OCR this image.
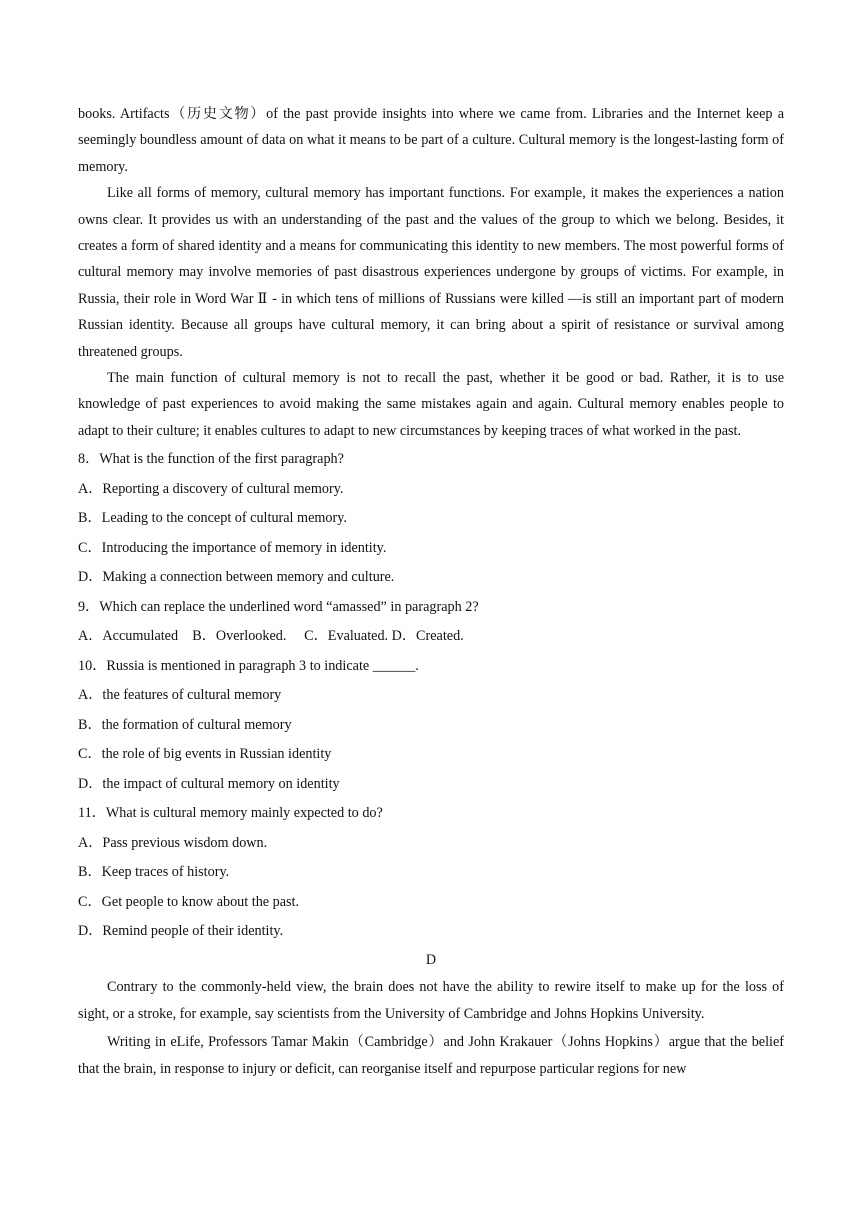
books. Artifacts（历史文物）of the past provide insights into where we came from. Libraries and the Internet keep a seemingly boundless amount of data on what it means to be part of a culture. Cultural memory is the longest-lasting form of memory.

Like all forms of memory, cultural memory has important functions. For example, it makes the experiences a nation owns clear. It provides us with an understanding of the past and the values of the group to which we belong. Besides, it creates a form of shared identity and a means for communicating this identity to new members. The most powerful forms of cultural memory may involve memories of past disastrous experiences undergone by groups of victims. For example, in Russia, their role in Word War Ⅱ - in which tens of millions of Russians were killed —is still an important part of modern Russian identity. Because all groups have cultural memory, it can bring about a spirit of resistance or survival among threatened groups.

The main function of cultural memory is not to recall the past, whether it be good or bad. Rather, it is to use knowledge of past experiences to avoid making the same mistakes again and again. Cultural memory enables people to adapt to their culture; it enables cultures to adapt to new circumstances by keeping traces of what worked in the past.

8．What is the function of the first paragraph?
A．Reporting a discovery of cultural memory.
B．Leading to the concept of cultural memory.
C．Introducing the importance of memory in identity.
D．Making a connection between memory and culture.
9．Which can replace the underlined word “amassed” in paragraph 2?
A．Accumulated    B．Overlooked.     C．Evaluated. D．Created.
10．Russia is mentioned in paragraph 3 to indicate ______.
A．the features of cultural memory
B．the formation of cultural memory
C．the role of big events in Russian identity
D．the impact of cultural memory on identity
11．What is cultural memory mainly expected to do?
A．Pass previous wisdom down.
B．Keep traces of history.
C．Get people to know about the past.
D．Remind people of their identity.
D

Contrary to the commonly-held view, the brain does not have the ability to rewire itself to make up for the loss of sight, or a stroke, for example, say scientists from the University of Cambridge and Johns Hopkins University.

Writing in eLife, Professors Tamar Makin（Cambridge）and John Krakauer（Johns Hopkins）argue that the belief that the brain, in response to injury or deficit, can reorganise itself and repurpose particular regions for new
